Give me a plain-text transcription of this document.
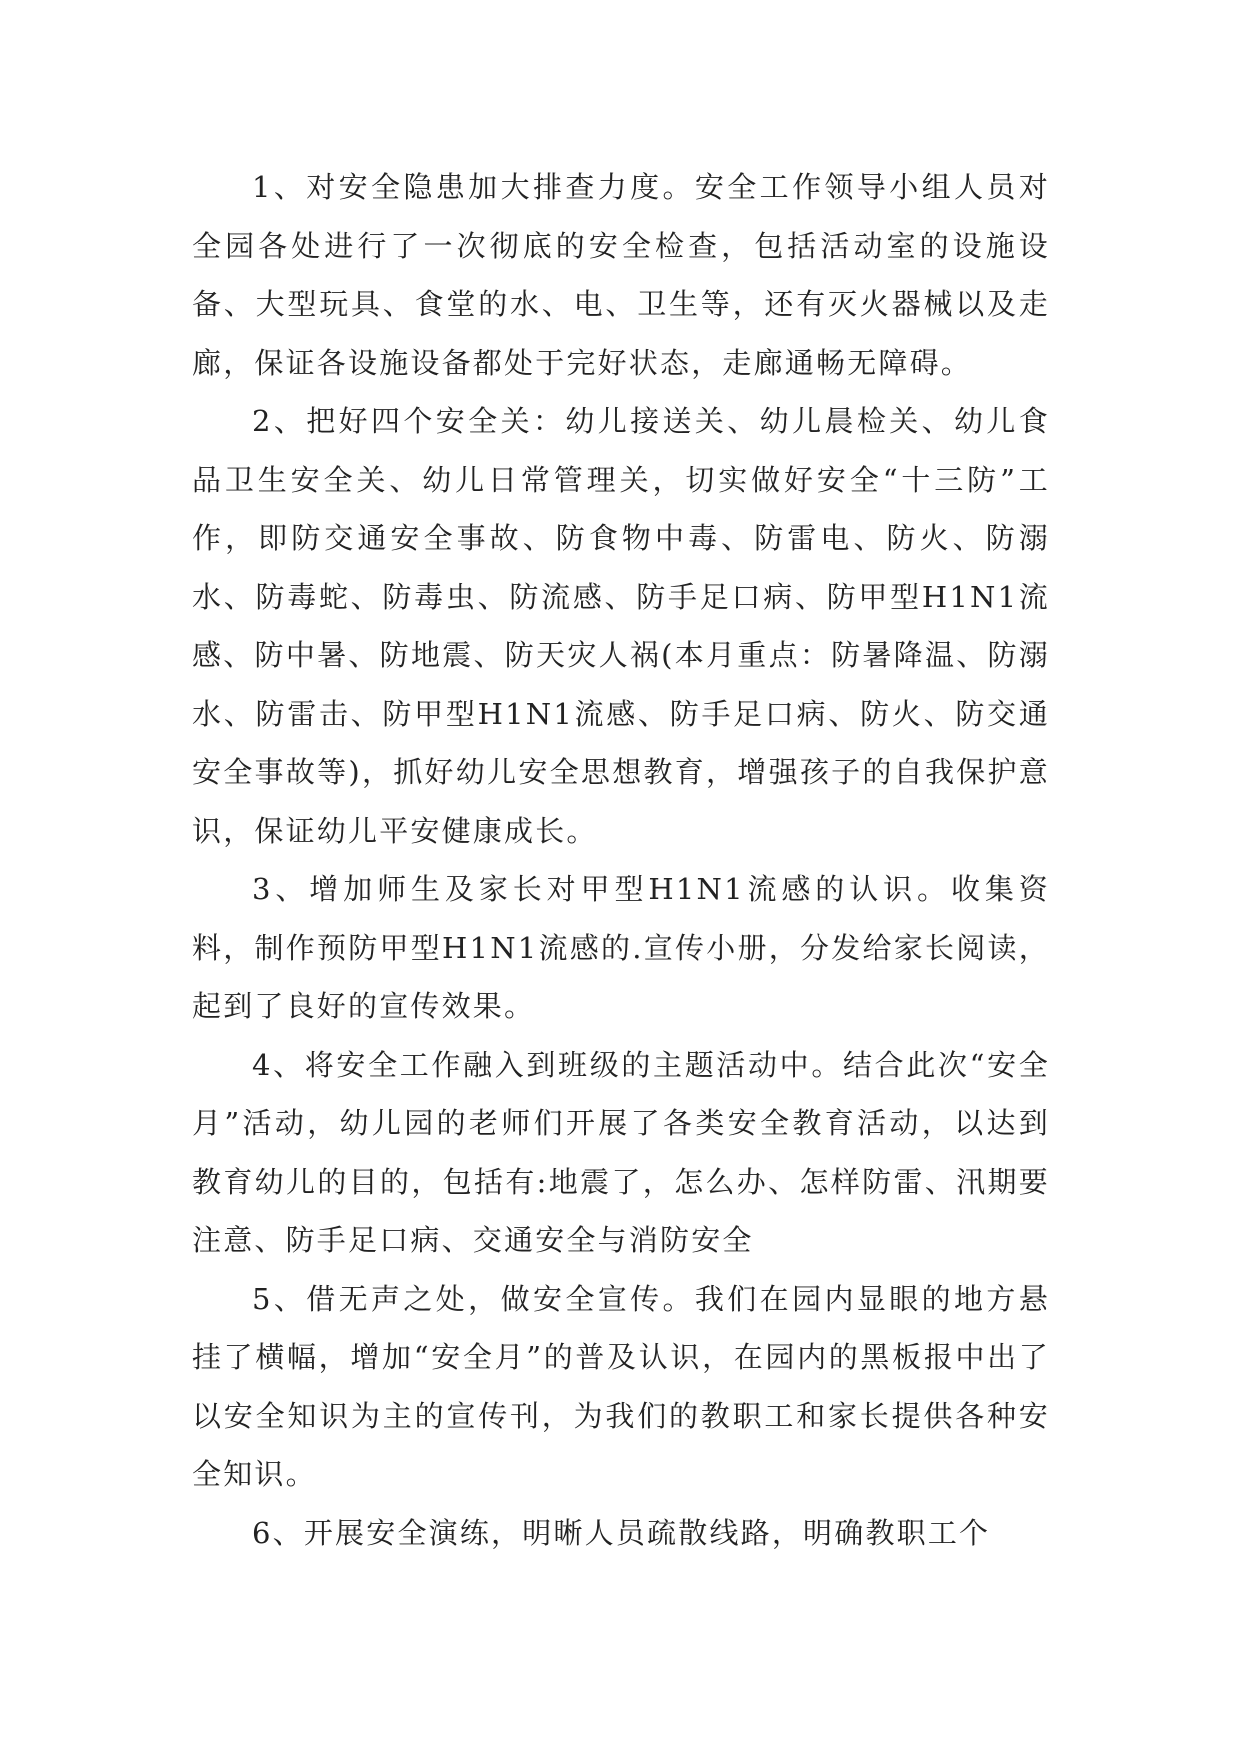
1、对安全隐患加大排查力度。安全工作领导小组人员对全园各处进行了一次彻底的安全检查，包括活动室的设施设备、大型玩具、食堂的水、电、卫生等，还有灭火器械以及走廊，保证各设施设备都处于完好状态，走廊通畅无障碍。

2、把好四个安全关：幼儿接送关、幼儿晨检关、幼儿食品卫生安全关、幼儿日常管理关，切实做好安全“十三防”工作，即防交通安全事故、防食物中毒、防雷电、防火、防溺水、防毒蛇、防毒虫、防流感、防手足口病、防甲型H1N1流感、防中暑、防地震、防天灾人祸(本月重点：防暑降温、防溺水、防雷击、防甲型H1N1流感、防手足口病、防火、防交通安全事故等)，抓好幼儿安全思想教育，增强孩子的自我保护意识，保证幼儿平安健康成长。

3、增加师生及家长对甲型H1N1流感的认识。收集资料，制作预防甲型H1N1流感的.宣传小册，分发给家长阅读，起到了良好的宣传效果。

4、将安全工作融入到班级的主题活动中。结合此次“安全月”活动，幼儿园的老师们开展了各类安全教育活动，以达到教育幼儿的目的，包括有:地震了，怎么办、怎样防雷、汛期要注意、防手足口病、交通安全与消防安全

5、借无声之处，做安全宣传。我们在园内显眼的地方悬挂了横幅，增加“安全月”的普及认识，在园内的黑板报中出了以安全知识为主的宣传刊，为我们的教职工和家长提供各种安全知识。

6、开展安全演练，明晰人员疏散线路，明确教职工个
